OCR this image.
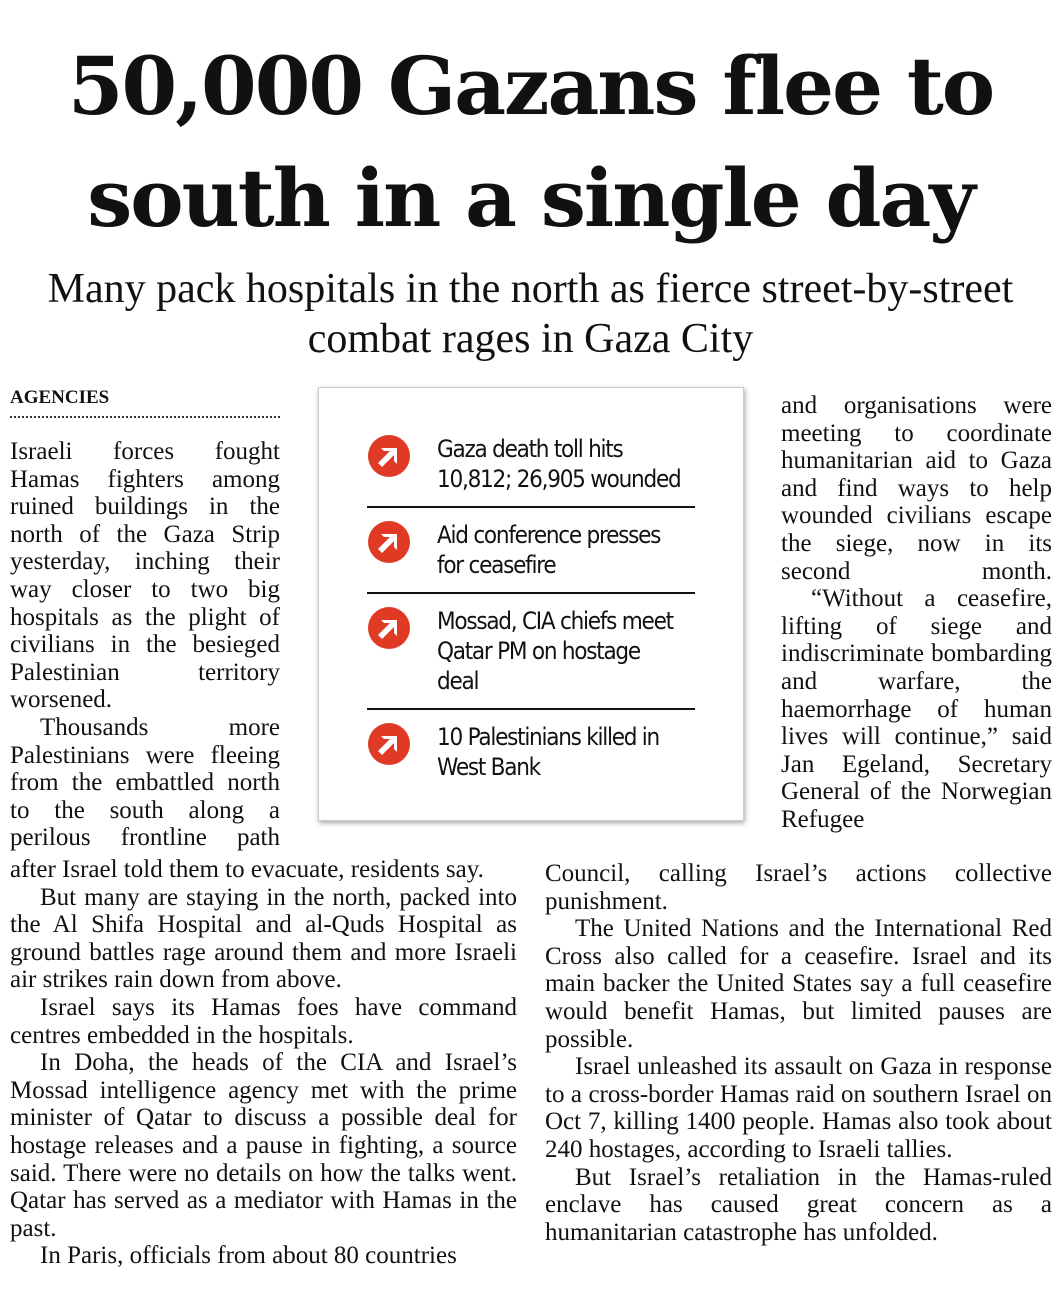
50,000 Gazans flee to south in a single day
Many pack hospitals in the north as fierce street-by-street combat rages in Gaza City
AGENCIES

Israeli forces fought Hamas fighters among ruined buildings in the north of the Gaza Strip yesterday, inching their way closer to two big hospitals as the plight of civilians in the besieged Palestinian territory worsened.

Thousands more Palestinians were fleeing from the embattled north to the south along a perilous frontline path

after Israel told them to evacuate, residents say.

But many are staying in the north, packed into the Al Shifa Hospital and al-Quds Hospital as ground battles rage around them and more Israeli air strikes rain down from above.

Israel says its Hamas foes have command centres embedded in the hospitals.

In Doha, the heads of the CIA and Israel’s Mossad intelligence agency met with the prime minister of Qatar to discuss a possible deal for hostage releases and a pause in fighting, a source said. There were no details on how the talks went. Qatar has served as a mediator with Hamas in the past.

In Paris, officials from about 80 countries

and organisations were meeting to coordinate humanitarian aid to Gaza and find ways to help wounded civilians escape the siege, now in its second month.

“Without a ceasefire, lifting of siege and indiscriminate bombarding and warfare, the haemorrhage of human lives will continue,” said Jan Egeland, Secretary General of the Norwegian Refugee

Council, calling Israel’s actions collective punishment.

The United Nations and the International Red Cross also called for a ceasefire. Israel and its main backer the United States say a full ceasefire would benefit Hamas, but limited pauses are possible.

Israel unleashed its assault on Gaza in response to a cross-border Hamas raid on southern Israel on Oct 7, killing 1400 people. Hamas also took about 240 hostages, according to Israeli tallies.

But Israel’s retaliation in the Hamas-ruled enclave has caused great concern as a humanitarian catastrophe has unfolded.

Gaza death toll hits
10,812; 26,905 wounded
Aid conference presses
for ceasefire
Mossad, CIA chiefs meet
Qatar PM on hostage
deal
10 Palestinians killed in
West Bank
